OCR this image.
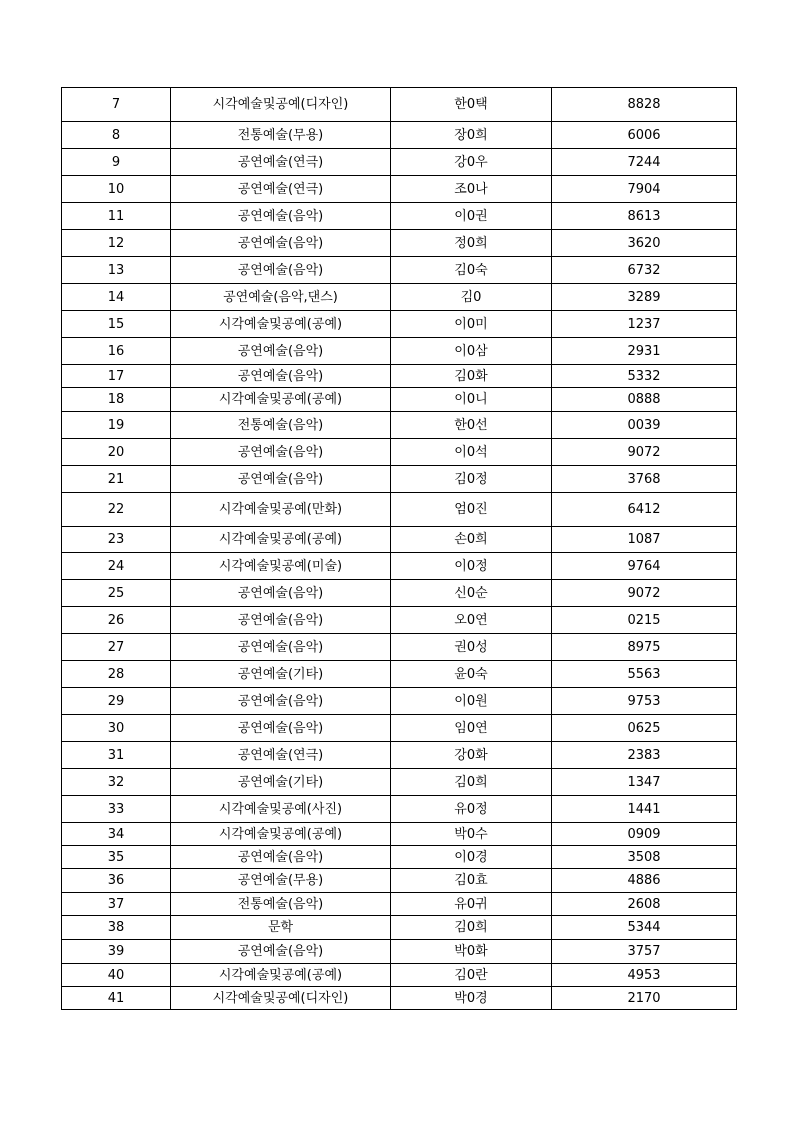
7	시각예술및공예(디자인)	한0택	8828
8	전통예술(무용)	장0희	6006
9	공연예술(연극)	강0우	7244
10	공연예술(연극)	조0나	7904
11	공연예술(음악)	이0권	8613
12	공연예술(음악)	정0희	3620
13	공연예술(음악)	김0숙	6732
14	공연예술(음악,댄스)	김0	3289
15	시각예술및공예(공예)	이0미	1237
16	공연예술(음악)	이0삼	2931
17	공연예술(음악)	김0화	5332
18	시각예술및공예(공예)	이0니	0888
19	전통예술(음악)	한0선	0039
20	공연예술(음악)	이0석	9072
21	공연예술(음악)	김0정	3768
22	시각예술및공예(만화)	엄0진	6412
23	시각예술및공예(공예)	손0희	1087
24	시각예술및공예(미술)	이0정	9764
25	공연예술(음악)	신0순	9072
26	공연예술(음악)	오0연	0215
27	공연예술(음악)	권0성	8975
28	공연예술(기타)	윤0숙	5563
29	공연예술(음악)	이0원	9753
30	공연예술(음악)	임0연	0625
31	공연예술(연극)	강0화	2383
32	공연예술(기타)	김0희	1347
33	시각예술및공예(사진)	유0정	1441
34	시각예술및공예(공예)	박0수	0909
35	공연예술(음악)	이0경	3508
36	공연예술(무용)	김0효	4886
37	전통예술(음악)	유0귀	2608
38	문학	김0희	5344
39	공연예술(음악)	박0화	3757
40	시각예술및공예(공예)	김0란	4953
41	시각예술및공예(디자인)	박0경	2170
